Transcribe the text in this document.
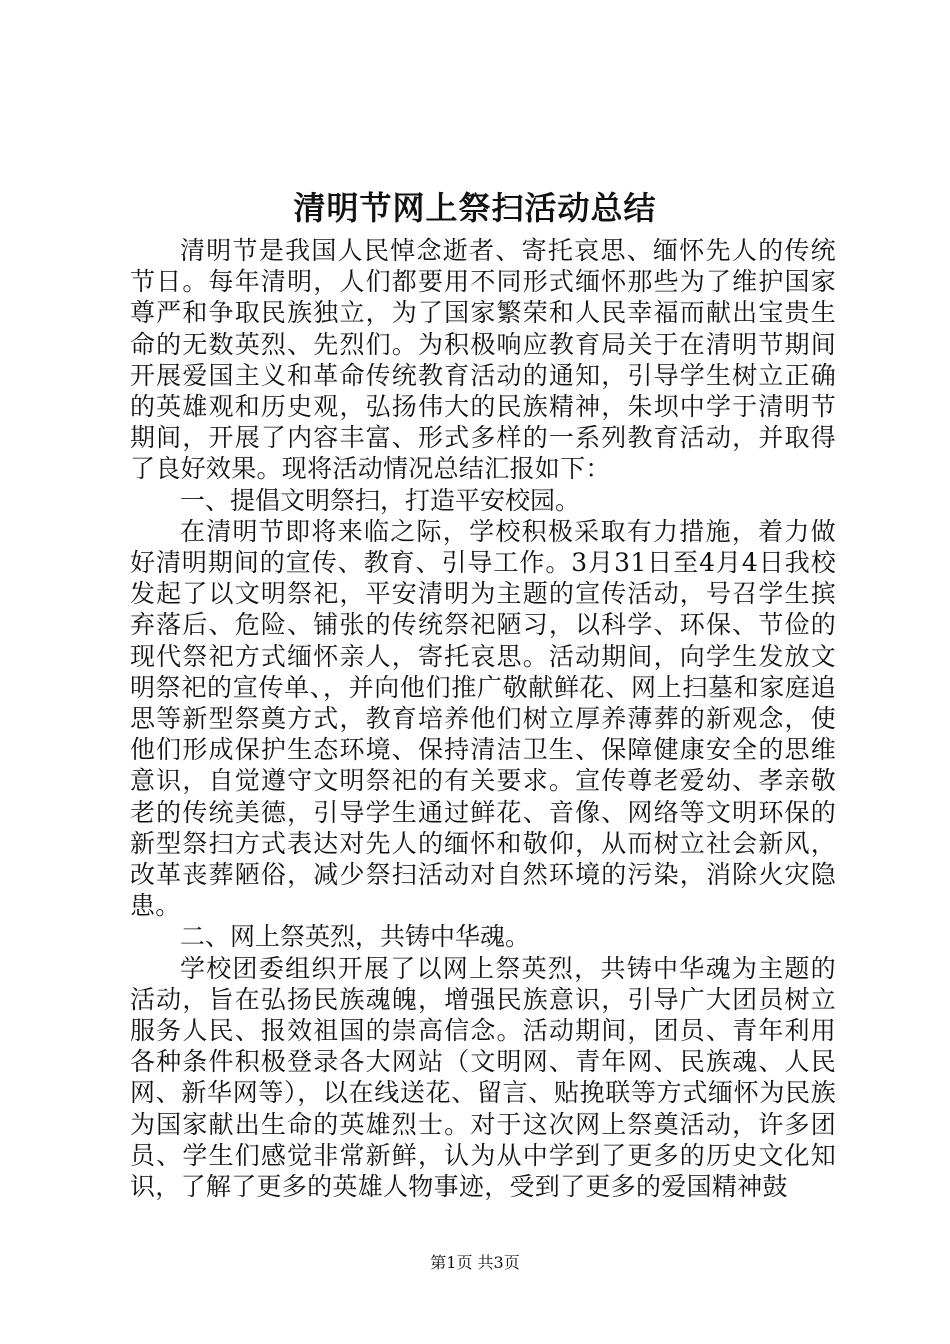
清明节网上祭扫活动总结

清明节是我国人民悼念逝者、寄托哀思、缅怀先人的传统节日。每年清明，人们都要用不同形式缅怀那些为了维护国家尊严和争取民族独立，为了国家繁荣和人民幸福而献出宝贵生命的无数英烈、先烈们。为积极响应教育局关于在清明节期间开展爱国主义和革命传统教育活动的通知，引导学生树立正确的英雄观和历史观，弘扬伟大的民族精神，朱坝中学于清明节期间，开展了内容丰富、形式多样的一系列教育活动，并取得了良好效果。现将活动情况总结汇报如下：

一、提倡文明祭扫，打造平安校园。

在清明节即将来临之际，学校积极采取有力措施，着力做好清明期间的宣传、教育、引导工作。3月31日至4月4日我校发起了以文明祭祀，平安清明为主题的宣传活动，号召学生摈弃落后、危险、铺张的传统祭祀陋习，以科学、环保、节俭的现代祭祀方式缅怀亲人，寄托哀思。活动期间，向学生发放文明祭祀的宣传单、，并向他们推广敬献鲜花、网上扫墓和家庭追思等新型祭奠方式，教育培养他们树立厚养薄葬的新观念，使他们形成保护生态环境、保持清洁卫生、保障健康安全的思维意识，自觉遵守文明祭祀的有关要求。宣传尊老爱幼、孝亲敬老的传统美德，引导学生通过鲜花、音像、网络等文明环保的新型祭扫方式表达对先人的缅怀和敬仰，从而树立社会新风，改革丧葬陋俗，减少祭扫活动对自然环境的污染，消除火灾隐患。

二、网上祭英烈，共铸中华魂。

学校团委组织开展了以网上祭英烈，共铸中华魂为主题的活动，旨在弘扬民族魂魄，增强民族意识，引导广大团员树立服务人民、报效祖国的崇高信念。活动期间，团员、青年利用各种条件积极登录各大网站（文明网、青年网、民族魂、人民网、新华网等），以在线送花、留言、贴挽联等方式缅怀为民族为国家献出生命的英雄烈士。对于这次网上祭奠活动，许多团员、学生们感觉非常新鲜，认为从中学到了更多的历史文化知识，了解了更多的英雄人物事迹，受到了更多的爱国精神鼓

第1页 共3页
